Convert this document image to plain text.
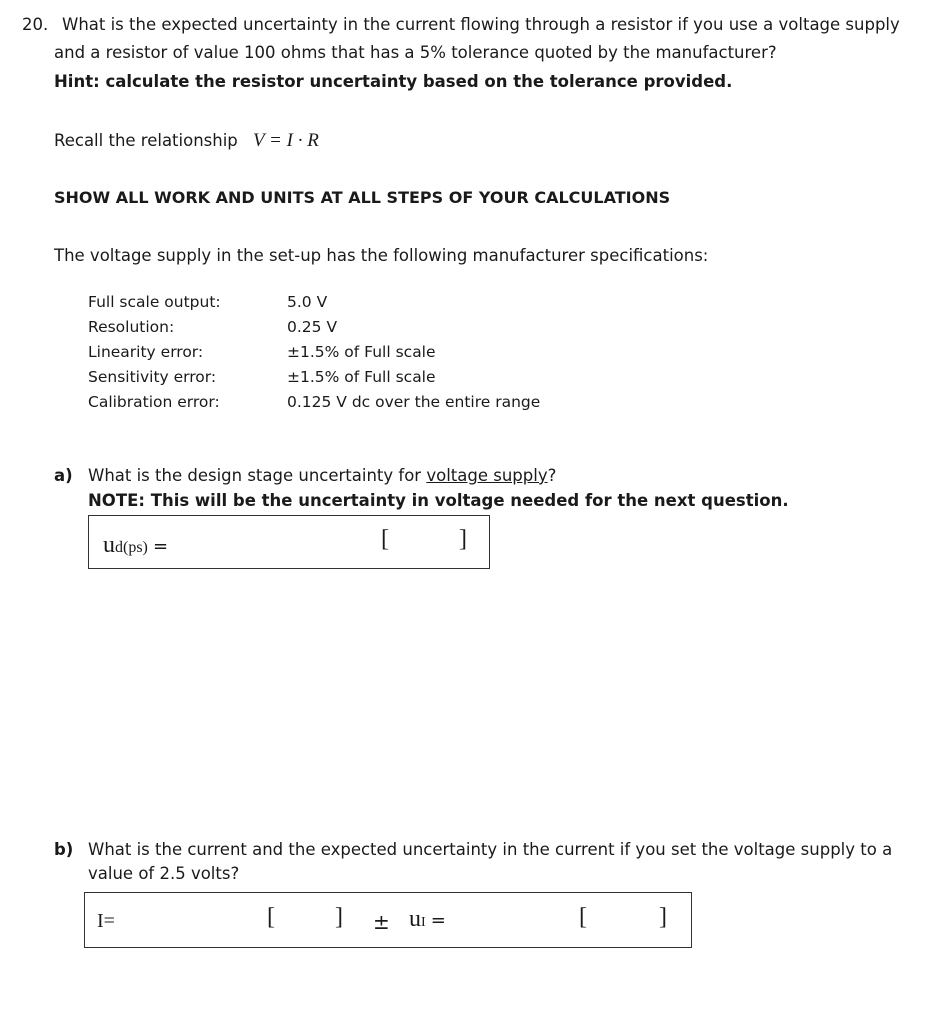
20. What is the expected uncertainty in the current flowing through a resistor if you use a voltage supply
and a resistor of value 100 ohms that has a 5% tolerance quoted by the manufacturer?
Hint: calculate the resistor uncertainty based on the tolerance provided.
Recall the relationship V = I · R
SHOW ALL WORK AND UNITS AT ALL STEPS OF YOUR CALCULATIONS
The voltage supply in the set-up has the following manufacturer specifications:
Full scale output:	5.0 V
Resolution:	0.25 V
Linearity error:	±1.5% of Full scale
Sensitivity error:	±1.5% of Full scale
Calibration error:	0.125 V dc over the entire range
a) What is the design stage uncertainty for voltage supply?
NOTE: This will be the uncertainty in voltage needed for the next question.
ud(ps) =	[	]
b) What is the current and the expected uncertainty in the current if you set the voltage supply to a
value of 2.5 volts?
I=	[	] ± uI =	[	]
